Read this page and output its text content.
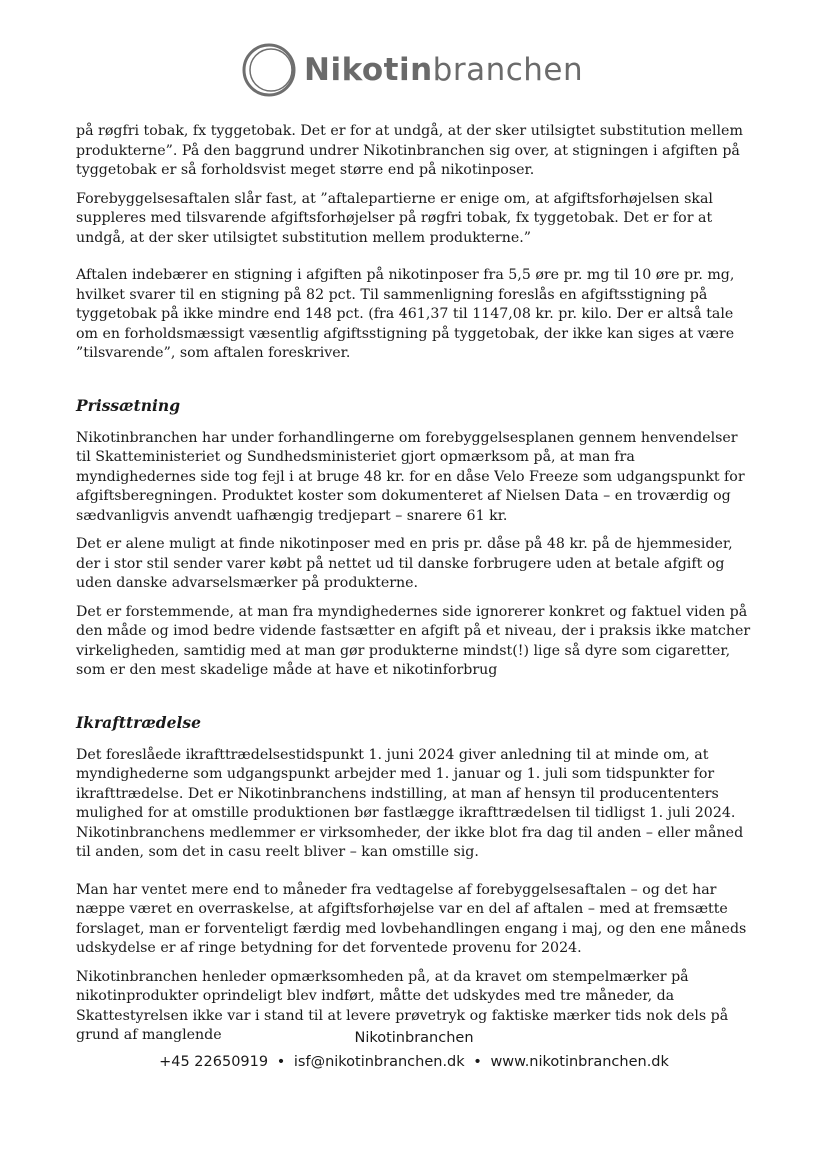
Nikotinbranchen

på røgfri tobak, fx tyggetobak. Det er for at undgå, at der sker utilsigtet substitution mellem produkterne”. På den baggrund undrer Nikotinbranchen sig over, at stigningen i afgiften på tyggetobak er så forholdsvist meget større end på nikotinposer.

Forebyggelsesaftalen slår fast, at ”aftalepartierne er enige om, at afgiftsforhøjelsen skal suppleres med tilsvarende afgiftsforhøjelser på røgfri tobak, fx tyggetobak. Det er for at undgå, at der sker utilsigtet substitution mellem produkterne.”

Aftalen indebærer en stigning i afgiften på nikotinposer fra 5,5 øre pr. mg til 10 øre pr. mg, hvilket svarer til en stigning på 82 pct. Til sammenligning foreslås en afgiftsstigning på tyggetobak på ikke mindre end 148 pct. (fra 461,37 til 1147,08 kr. pr. kilo. Der er altså tale om en forholdsmæssigt væsentlig afgiftsstigning på tyggetobak, der ikke kan siges at være ”tilsvarende”, som aftalen foreskriver.

Prissætning

Nikotinbranchen har under forhandlingerne om forebyggelsesplanen gennem henvendelser til Skatteministeriet og Sundhedsministeriet gjort opmærksom på, at man fra myndighedernes side tog fejl i at bruge 48 kr. for en dåse Velo Freeze som udgangspunkt for afgiftsberegningen. Produktet koster som dokumenteret af Nielsen Data – en troværdig og sædvanligvis anvendt uafhængig tredjepart – snarere 61 kr.

Det er alene muligt at finde nikotinposer med en pris pr. dåse på 48 kr. på de hjemmesider, der i stor stil sender varer købt på nettet ud til danske forbrugere uden at betale afgift og uden danske advarselsmærker på produkterne.

Det er forstemmende, at man fra myndighedernes side ignorerer konkret og faktuel viden på den måde og imod bedre vidende fastsætter en afgift på et niveau, der i praksis ikke matcher virkeligheden, samtidig med at man gør produkterne mindst(!) lige så dyre som cigaretter, som er den mest skadelige måde at have et nikotinforbrug

Ikrafttrædelse

Det foreslåede ikrafttrædelsestidspunkt 1. juni 2024 giver anledning til at minde om, at myndighederne som udgangspunkt arbejder med 1. januar og 1. juli som tidspunkter for ikrafttrædelse. Det er Nikotinbranchens indstilling, at man af hensyn til producententers mulighed for at omstille produktionen bør fastlægge ikrafttrædelsen til tidligst 1. juli 2024. Nikotinbranchens medlemmer er virksomheder, der ikke blot fra dag til anden – eller måned til anden, som det in casu reelt bliver – kan omstille sig.

Man har ventet mere end to måneder fra vedtagelse af forebyggelsesaftalen – og det har næppe været en overraskelse, at afgiftsforhøjelse var en del af aftalen – med at fremsætte forslaget, man er forventeligt færdig med lovbehandlingen engang i maj, og den ene måneds udskydelse er af ringe betydning for det forventede provenu for 2024.

Nikotinbranchen henleder opmærksomheden på, at da kravet om stempelmærker på nikotinprodukter oprindeligt blev indført, måtte det udskydes med tre måneder, da Skattestyrelsen ikke var i stand til at levere prøvetryk og faktiske mærker tids nok dels på grund af manglende	Nikotinbranchen
+45 22650919 • isf@nikotinbranchen.dk • www.nikotinbranchen.dk
